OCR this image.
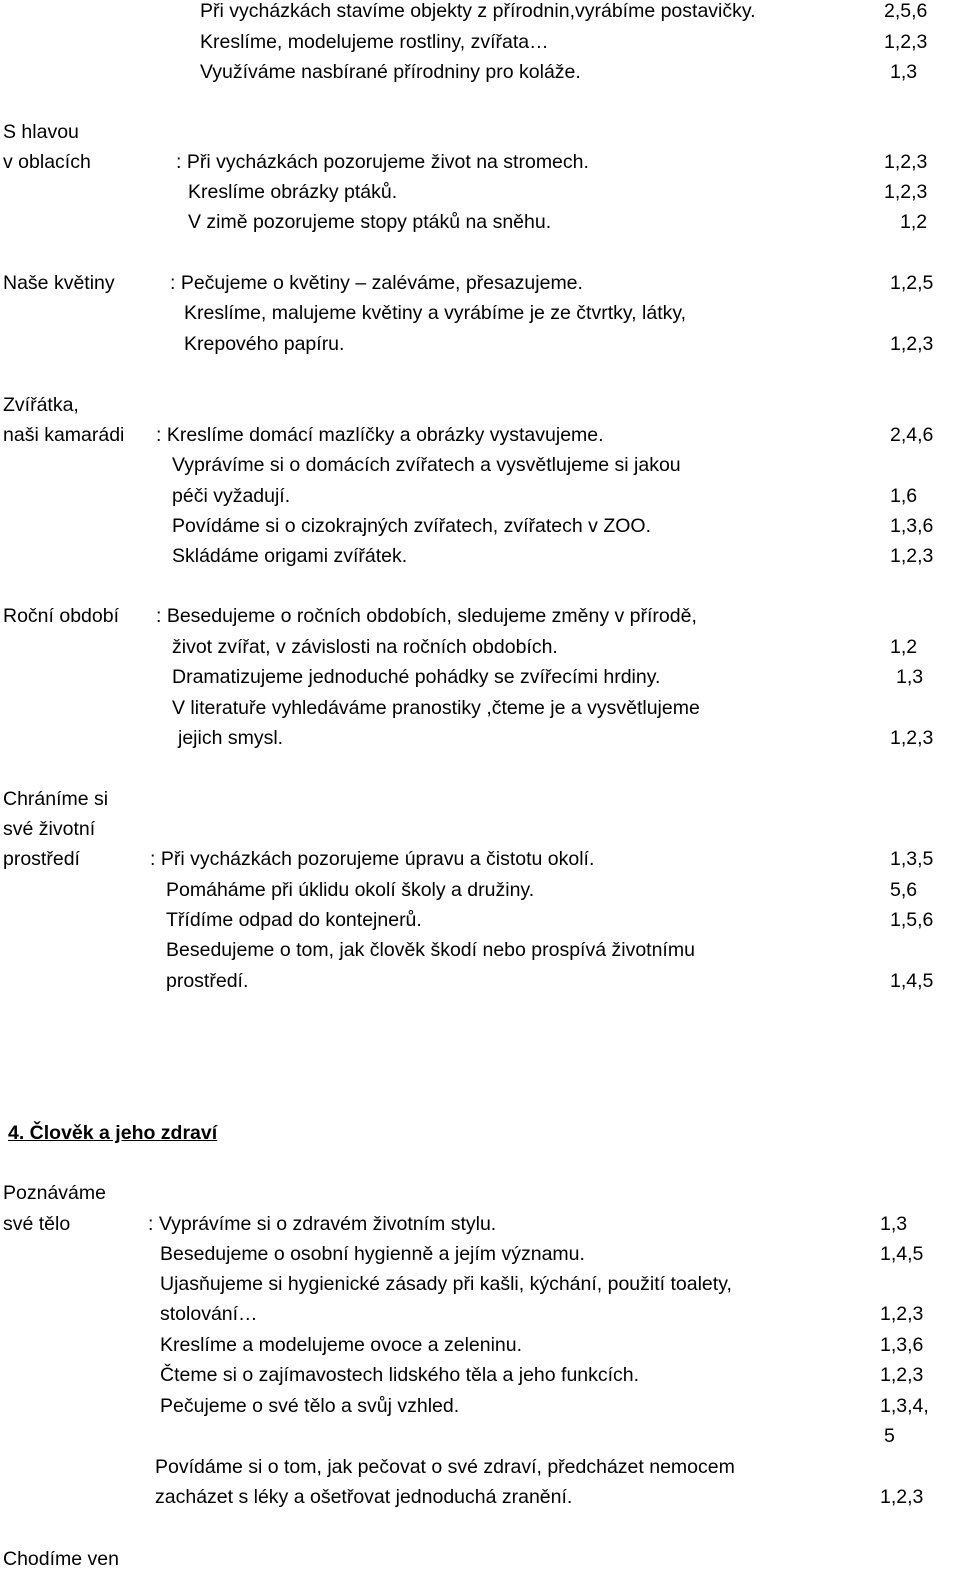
4. Člověk a jeho zdraví
Při vycházkách stavíme objekty z přírodnin,vyrábíme postavičky.	2,5,6
Kreslíme, modelujeme rostliny, zvířata…	1,2,3
Využíváme nasbírané přírodniny pro koláže.	1,3
S hlavou
v oblacích	: Při vycházkách pozorujeme život na stromech.	1,2,3
Kreslíme obrázky ptáků.	1,2,3
V zimě pozorujeme stopy ptáků na sněhu.	1,2
Naše květiny	: Pečujeme o květiny – zaléváme, přesazujeme.	1,2,5
Kreslíme, malujeme květiny a vyrábíme je ze čtvrtky, látky,
Krepového papíru.	1,2,3
Zvířátka,
naši kamarádi : Kreslíme domácí mazlíčky a obrázky vystavujeme.	2,4,6
Vyprávíme si o domácích zvířatech a vysvětlujeme si jakou
péči vyžadují.	1,6
Povídáme si o cizokrajných zvířatech, zvířatech v ZOO.	1,3,6
Skládáme origami zvířátek.	1,2,3
Roční období : Besedujeme o ročních obdobích, sledujeme změny v přírodě,
život zvířat, v závislosti na ročních obdobích.	1,2
Dramatizujeme jednoduché pohádky se zvířecími hrdiny.	1,3
V literatuře vyhledáváme pranostiky ,čteme je a vysvětlujeme
jejich smysl.	1,2,3
Chráníme si
své životní
prostředí	: Při vycházkách pozorujeme úpravu a čistotu okolí.	1,3,5
Pomáháme při úklidu okolí školy a družiny.	5,6
Třídíme odpad do kontejnerů.	1,5,6
Besedujeme o tom, jak člověk škodí nebo prospívá životnímu
prostředí.	1,4,5
Poznáváme
své tělo	: Vyprávíme si o zdravém životním stylu.	1,3
Besedujeme o osobní hygienně a jejím významu.	1,4,5
Ujasňujeme si hygienické zásady při kašli, kýchání, použití toalety,
stolování…	1,2,3
Kreslíme a modelujeme ovoce a zeleninu.	1,3,6
Čteme si o zajímavostech lidského těla a jeho funkcích.	1,2,3
Pečujeme o své tělo a svůj vzhled.	1,3,4,
5
Povídáme si o tom, jak pečovat o své zdraví, předcházet nemocem
zacházet s léky a ošetřovat jednoduchá zranění.	1,2,3
Chodíme ven
